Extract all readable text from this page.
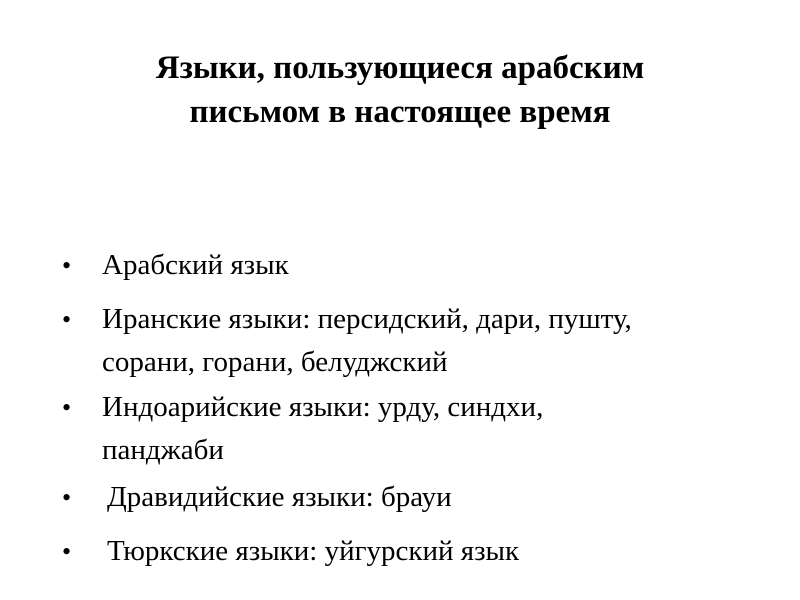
Языки, пользующиеся арабским
письмом в настоящее время
• Арабский язык
• Иранские языки: персидский, дари, пушту,
сорани, горани, белуджский
• Индоарийские языки: урду, синдхи,
панджаби
• Дравидийские языки: брауи
• Тюркские языки: уйгурский язык
